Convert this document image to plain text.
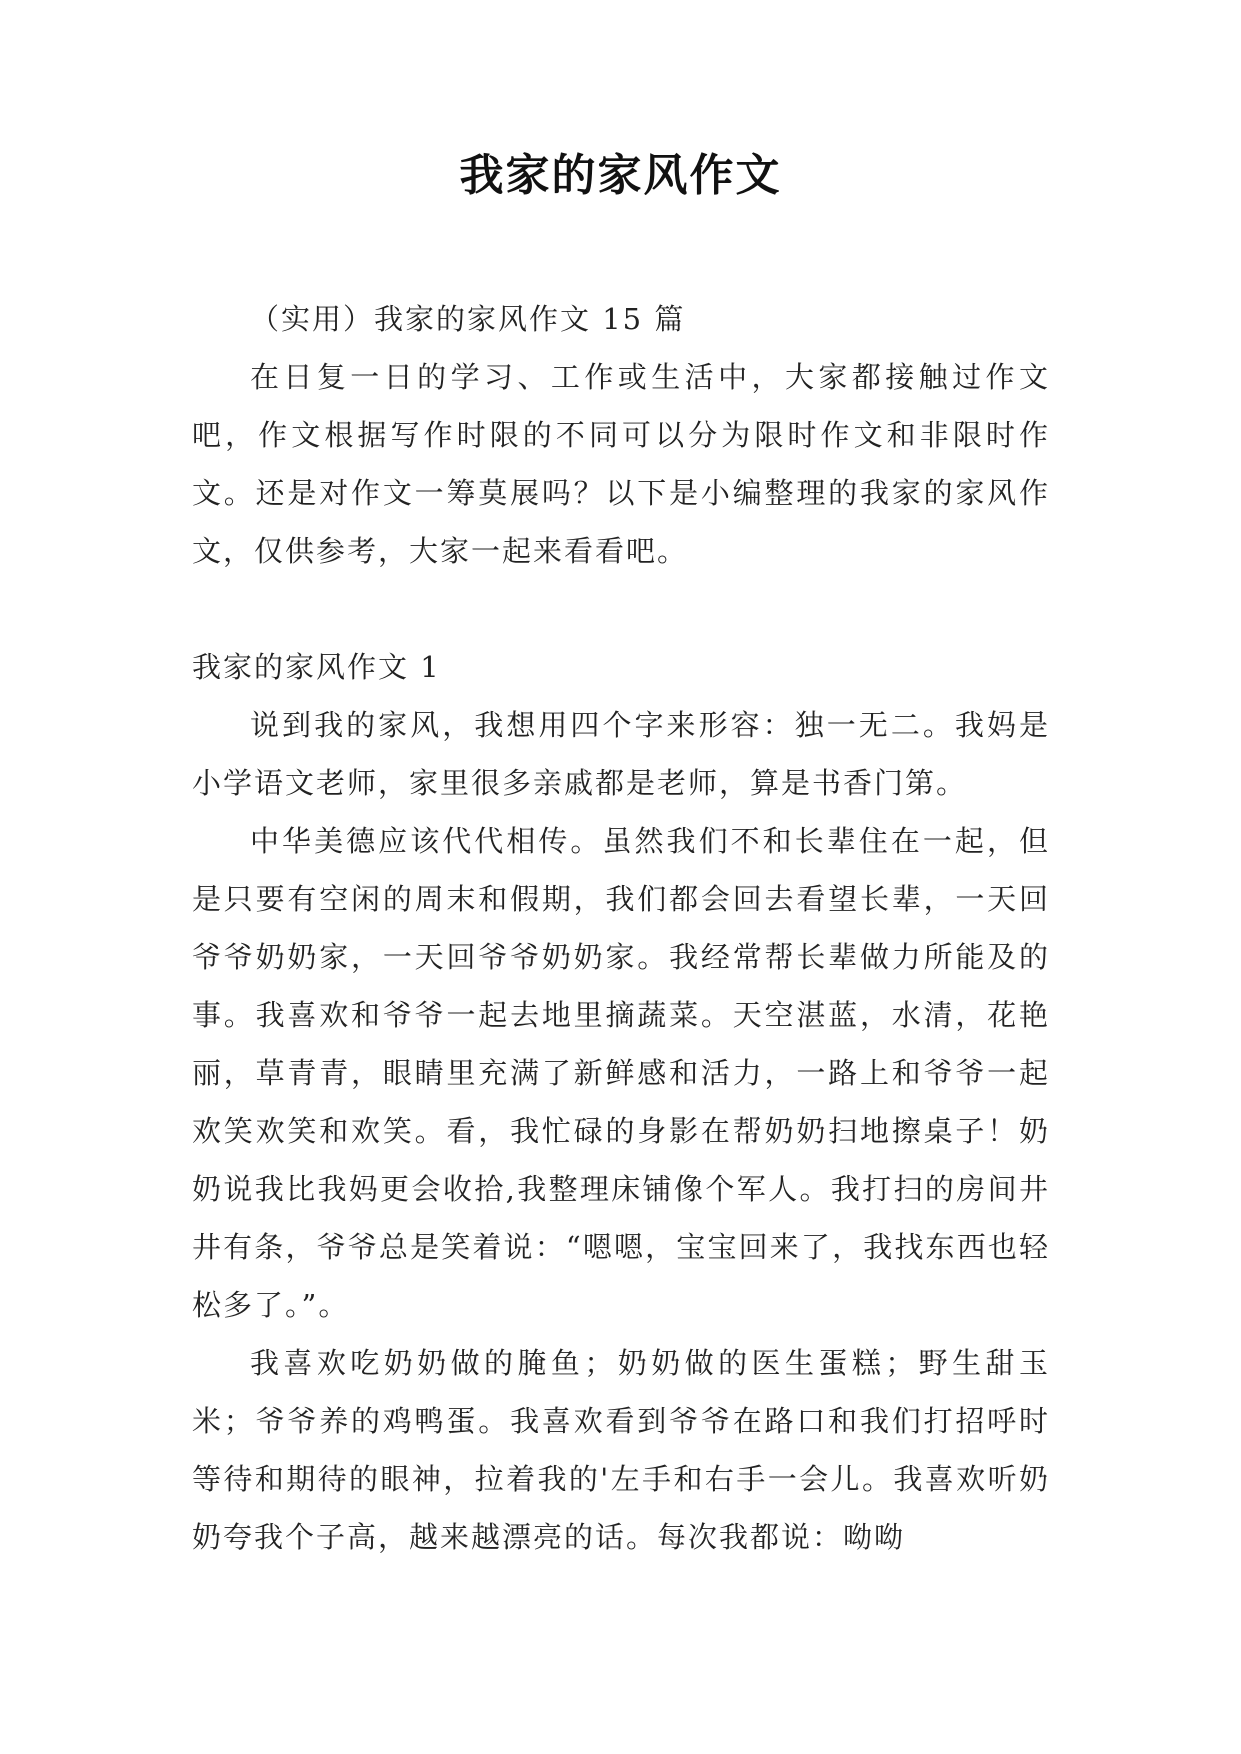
我家的家风作文

（实用）我家的家风作文 15 篇

在日复一日的学习、工作或生活中，大家都接触过作文吧，作文根据写作时限的不同可以分为限时作文和非限时作文。还是对作文一筹莫展吗？以下是小编整理的我家的家风作文，仅供参考，大家一起来看看吧。

我家的家风作文 1

说到我的家风，我想用四个字来形容：独一无二。我妈是小学语文老师，家里很多亲戚都是老师，算是书香门第。

中华美德应该代代相传。虽然我们不和长辈住在一起，但是只要有空闲的周末和假期，我们都会回去看望长辈，一天回爷爷奶奶家，一天回爷爷奶奶家。我经常帮长辈做力所能及的事。我喜欢和爷爷一起去地里摘蔬菜。天空湛蓝，水清，花艳丽，草青青，眼睛里充满了新鲜感和活力，一路上和爷爷一起欢笑欢笑和欢笑。看，我忙碌的身影在帮奶奶扫地擦桌子！奶奶说我比我妈更会收拾,我整理床铺像个军人。我打扫的房间井井有条，爷爷总是笑着说：“嗯嗯，宝宝回来了，我找东西也轻松多了。”。

我喜欢吃奶奶做的腌鱼；奶奶做的医生蛋糕；野生甜玉米；爷爷养的鸡鸭蛋。我喜欢看到爷爷在路口和我们打招呼时等待和期待的眼神，拉着我的'左手和右手一会儿。我喜欢听奶奶夸我个子高，越来越漂亮的话。每次我都说：呦呦
